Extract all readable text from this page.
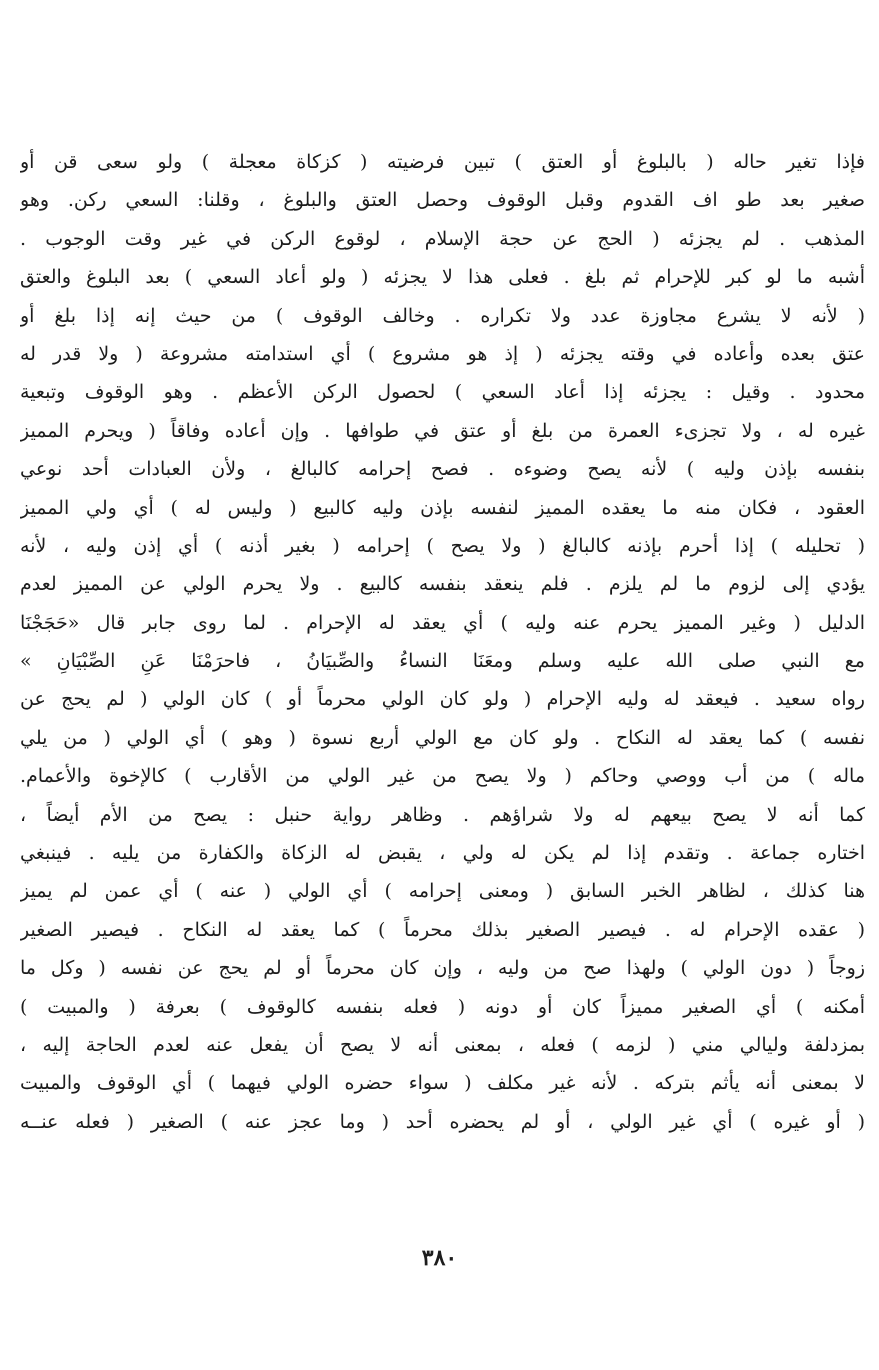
فإذا تغير حاله ( بالبلوغ أو العتق ) تبين فرضيته ( كزكاة معجلة ) ولو سعى قن أو
صغير بعد طو اف القدوم وقبل الوقوف وحصل العتق والبلوغ ، وقلنا: السعي ركن. وهو
المذهب . لم يجزئه ( الحج عن حجة الإسلام ، لوقوع الركن في غير وقت الوجوب .
أشبه ما لو كبر للإحرام ثم بلغ . فعلى هذا لا يجزئه ( ولو أعاد السعي ) بعد البلوغ والعتق
( لأنه لا يشرع مجاوزة عدد ولا تكراره . وخالف الوقوف ) من حيث إنه إذا بلغ أو
عتق بعده وأعاده في وقته يجزئه ( إذ هو مشروع ) أي استدامته مشروعة ( ولا قدر له
محدود . وقيل : يجزئه إذا أعاد السعي ) لحصول الركن الأعظم . وهو الوقوف وتبعية
غيره له ، ولا تجزىء العمرة من بلغ أو عتق في طوافها . وإن أعاده وفاقاً ( ويحرم المميز
بنفسه بإذن وليه ) لأنه يصح وضوءه . فصح إحرامه كالبالغ ، ولأن العبادات أحد نوعي
العقود ، فكان منه ما يعقده المميز لنفسه بإذن وليه كالبيع ( وليس له ) أي ولي المميز
( تحليله ) إذا أحرم بإذنه كالبالغ ( ولا يصح ) إحرامه ( بغير أذنه ) أي إذن وليه ، لأنه
يؤدي إلى لزوم ما لم يلزم . فلم ينعقد بنفسه كالبيع . ولا يحرم الولي عن المميز لعدم
الدليل ( وغير المميز يحرم عنه وليه ) أي يعقد له الإحرام . لما روى جابر قال «حَجَجْنَا
مع النبي صلى الله عليه وسلم ومعَنَا النساءُ والصِّبيَانُ ، فاحرَمْنَا عَنِ الصِّبْيَانِ »
رواه سعيد . فيعقد له وليه الإحرام ( ولو كان الولي محرماً أو ) كان الولي ( لم يحج عن
نفسه ) كما يعقد له النكاح . ولو كان مع الولي أربع نسوة ( وهو ) أي الولي ( من يلي
ماله ) من أب ووصي وحاكم ( ولا يصح من غير الولي من الأقارب ) كالإخوة والأعمام.
كما أنه لا يصح بيعهم له ولا شراؤهم . وظاهر رواية حنبل : يصح من الأم أيضاً ،
اختاره جماعة . وتقدم إذا لم يكن له ولي ، يقبض له الزكاة والكفارة من يليه . فينبغي
هنا كذلك ، لظاهر الخبر السابق ( ومعنى إحرامه ) أي الولي ( عنه ) أي عمن لم يميز
( عقده الإحرام له . فيصير الصغير بذلك محرماً ) كما يعقد له النكاح . فيصير الصغير
زوجاً ( دون الولي ) ولهذا صح من وليه ، وإن كان محرماً أو لم يحج عن نفسه ( وكل ما
أمكنه ) أي الصغير مميزاً كان أو دونه ( فعله بنفسه كالوقوف ) بعرفة ( والمبيت )
بمزدلفة وليالي مني ( لزمه ) فعله ، بمعنى أنه لا يصح أن يفعل عنه لعدم الحاجة إليه ،
لا بمعنى أنه يأثم بتركه . لأنه غير مكلف ( سواء حضره الولي فيهما ) أي الوقوف والمبيت
( أو غيره ) أي غير الولي ، أو لم يحضره أحد ( وما عجز عنه ) الصغير ( فعله عنــه
٣٨٠
